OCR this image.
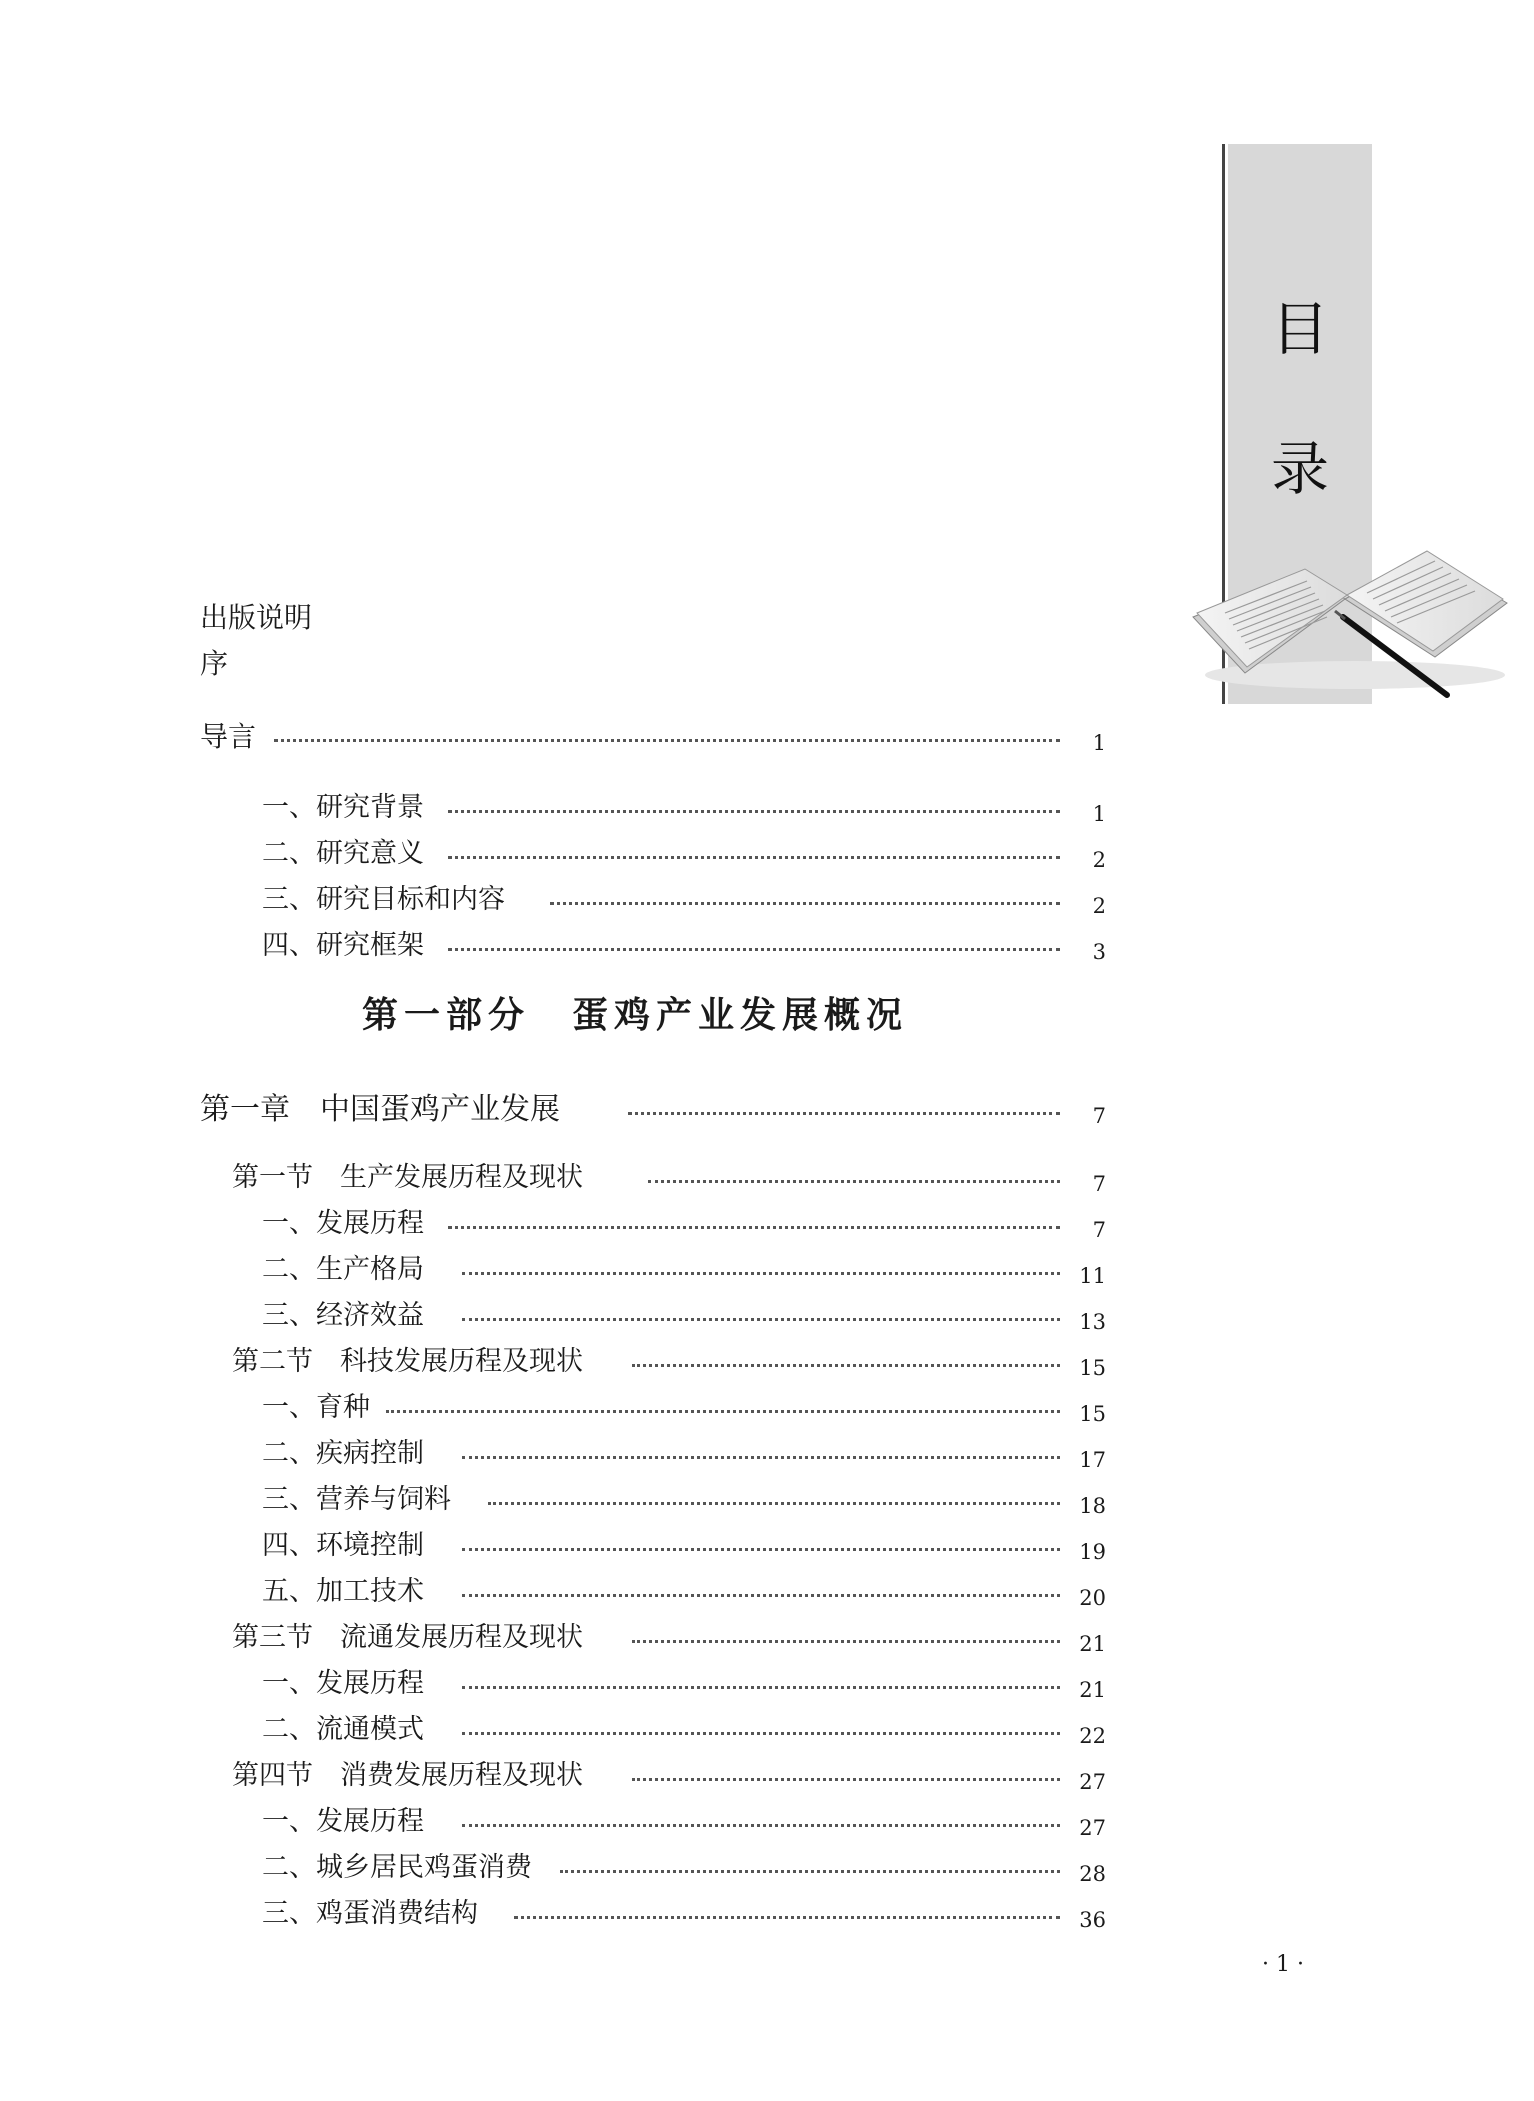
目
录
出版说明
序
导言	1
一、研究背景	1
二、研究意义	2
三、研究目标和内容	2
四、研究框架	3
第一部分　蛋鸡产业发展概况
第一章　中国蛋鸡产业发展	7
第一节　生产发展历程及现状	7
一、发展历程	7
二、生产格局	11
三、经济效益	13
第二节　科技发展历程及现状	15
一、育种	15
二、疾病控制	17
三、营养与饲料	18
四、环境控制	19
五、加工技术	20
第三节　流通发展历程及现状	21
一、发展历程	21
二、流通模式	22
第四节　消费发展历程及现状	27
一、发展历程	27
二、城乡居民鸡蛋消费	28
三、鸡蛋消费结构	36
· 1 ·
